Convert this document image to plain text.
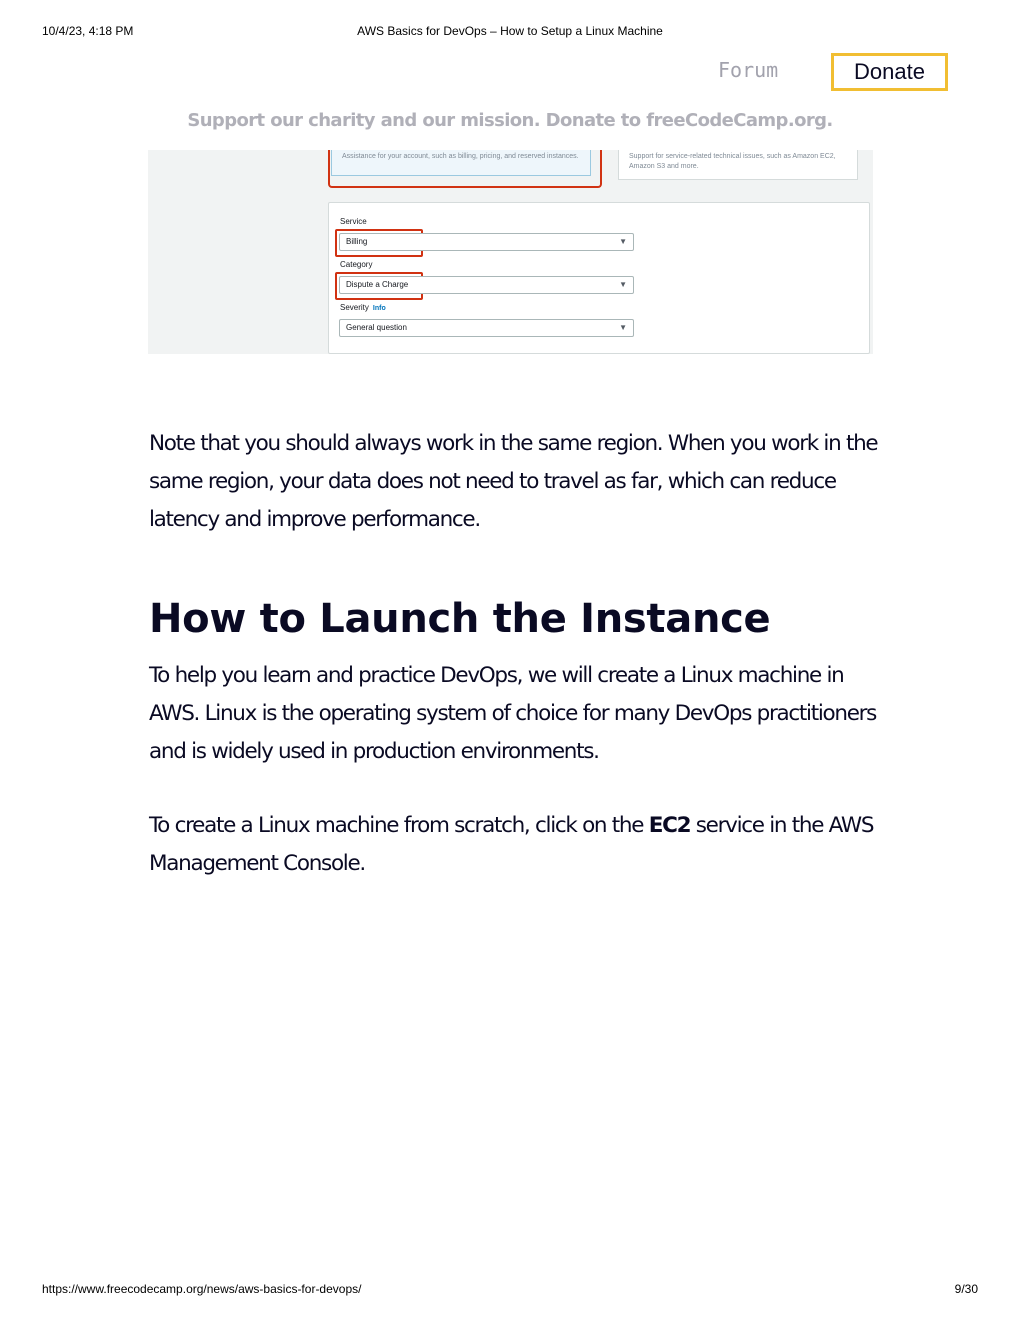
10/4/23, 4:18 PM	AWS Basics for DevOps – How to Setup a Linux Machine
Forum	Donate
Support our charity and our mission. Donate to freeCodeCamp.org.
Assistance for your account, such as billing, pricing, and reserved instances.	Support for service-related technical issues, such as Amazon EC2, Amazon S3 and more.
Service
Billing	▼
Category
Dispute a Charge	▼
Severity Info
General question	▼

Note that you should always work in the same region. When you work in the same region, your data does not need to travel as far, which can reduce latency and improve performance.

How to Launch the Instance

To help you learn and practice DevOps, we will create a Linux machine in AWS. Linux is the operating system of choice for many DevOps practitioners and is widely used in production environments.

To create a Linux machine from scratch, click on the EC2 service in the AWS Management Console.

https://www.freecodecamp.org/news/aws-basics-for-devops/	9/30
